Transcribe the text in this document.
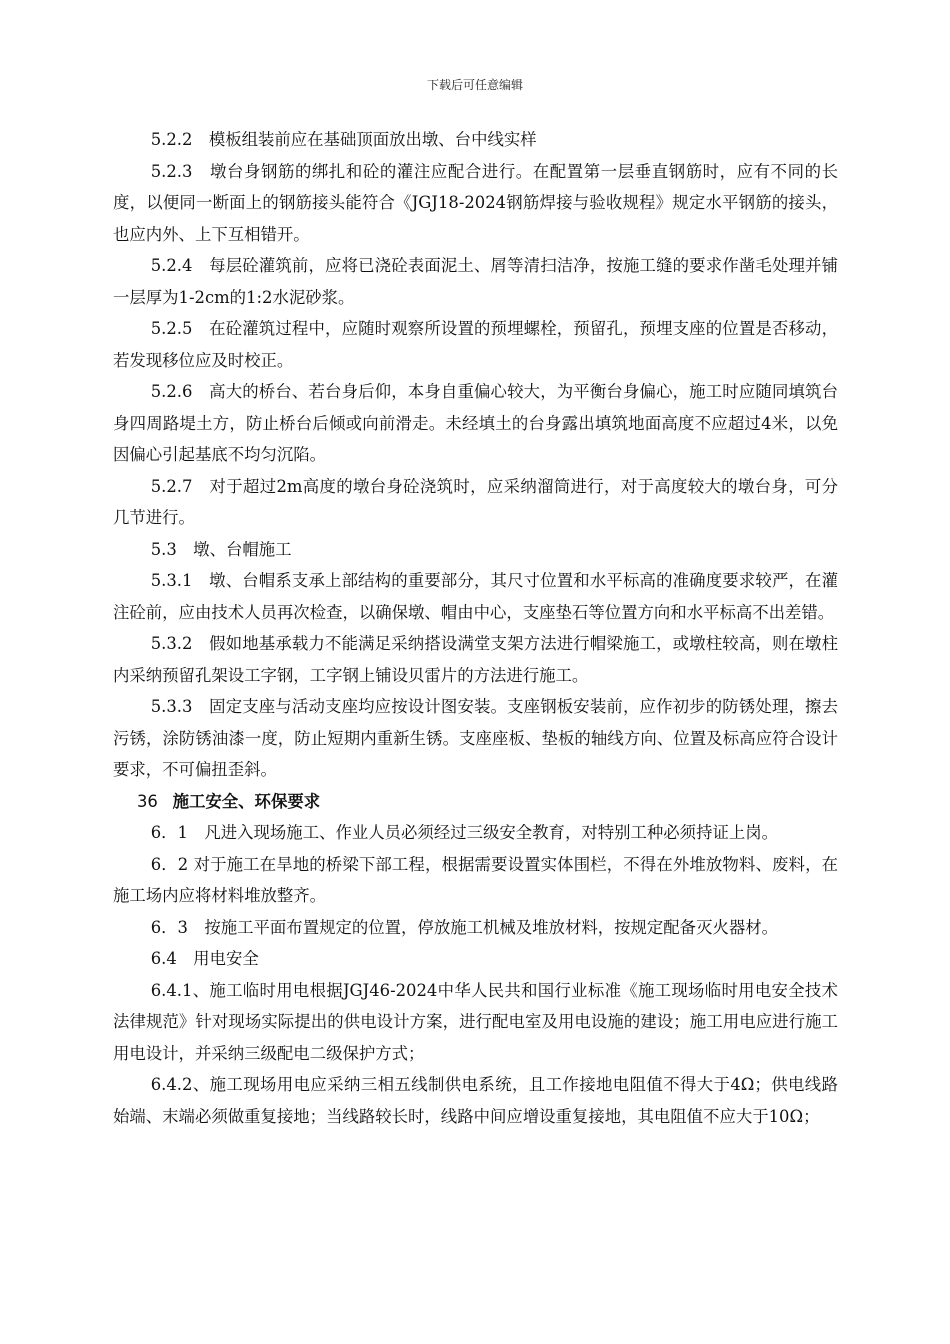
下载后可任意编辑

5.2.2　模板组装前应在基础顶面放出墩、台中线实样

5.2.3　墩台身钢筋的绑扎和砼的灌注应配合进行。在配置第一层垂直钢筋时，应有不同的长度，以便同一断面上的钢筋接头能符合《JGJ18-2024钢筋焊接与验收规程》规定水平钢筋的接头，也应内外、上下互相错开。

5.2.4　每层砼灌筑前，应将已浇砼表面泥土、屑等清扫洁净，按施工缝的要求作凿毛处理并铺一层厚为1-2cm的1:2水泥砂浆。

5.2.5　在砼灌筑过程中，应随时观察所设置的预埋螺栓，预留孔，预埋支座的位置是否移动，若发现移位应及时校正。

5.2.6　高大的桥台、若台身后仰，本身自重偏心较大，为平衡台身偏心，施工时应随同填筑台身四周路堤土方，防止桥台后倾或向前滑走。未经填土的台身露出填筑地面高度不应超过4米，以免因偏心引起基底不均匀沉陷。

5.2.7　对于超过2m高度的墩台身砼浇筑时，应采纳溜筒进行，对于高度较大的墩台身，可分几节进行。

5.3　墩、台帽施工

5.3.1　墩、台帽系支承上部结构的重要部分，其尺寸位置和水平标高的准确度要求较严，在灌注砼前，应由技术人员再次检查，以确保墩、帽由中心，支座垫石等位置方向和水平标高不出差错。

5.3.2　假如地基承载力不能满足采纳搭设满堂支架方法进行帽梁施工，或墩柱较高，则在墩柱内采纳预留孔架设工字钢，工字钢上铺设贝雷片的方法进行施工。

5.3.3　固定支座与活动支座均应按设计图安装。支座钢板安装前，应作初步的防锈处理，擦去污锈，涂防锈油漆一度，防止短期内重新生锈。支座座板、垫板的轴线方向、位置及标高应符合设计要求，不可偏扭歪斜。

36 施工安全、环保要求

6．1　凡进入现场施工、作业人员必须经过三级安全教育，对特别工种必须持证上岗。

6．2 对于施工在旱地的桥梁下部工程，根据需要设置实体围栏，不得在外堆放物料、废料，在施工场内应将材料堆放整齐。

6．3　按施工平面布置规定的位置，停放施工机械及堆放材料，按规定配备灭火器材。

6.4　用电安全

6.4.1、施工临时用电根据JGJ46-2024中华人民共和国行业标准《施工现场临时用电安全技术法律规范》针对现场实际提出的供电设计方案，进行配电室及用电设施的建设；施工用电应进行施工用电设计，并采纳三级配电二级保护方式；

6.4.2、施工现场用电应采纳三相五线制供电系统，且工作接地电阻值不得大于4Ω；供电线路始端、末端必须做重复接地；当线路较长时，线路中间应增设重复接地，其电阻值不应大于10Ω；
